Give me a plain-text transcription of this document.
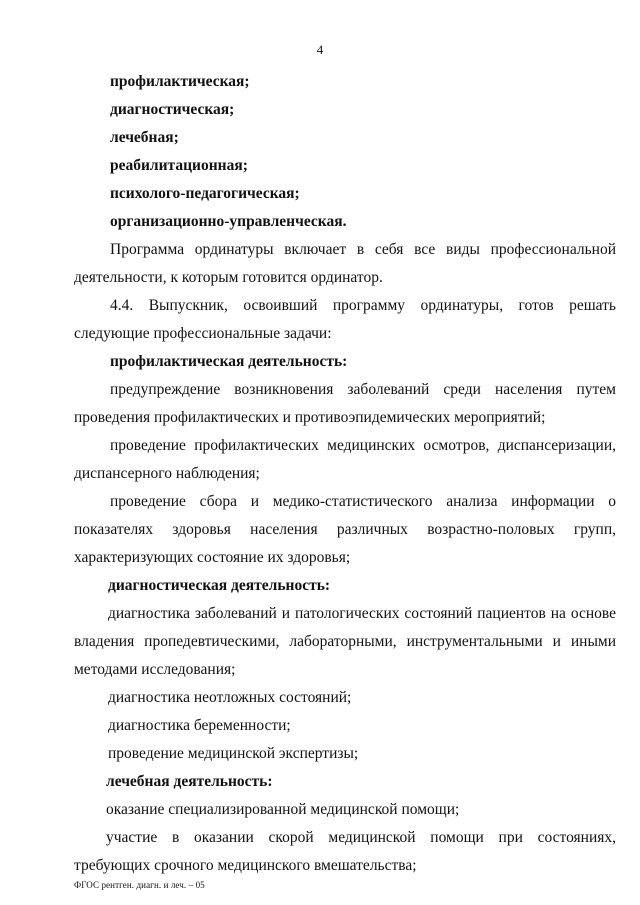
4

профилактическая;

диагностическая;

лечебная;

реабилитационная;

психолого-педагогическая;

организационно-управленческая.

Программа ординатуры включает в себя все виды профессиональной деятельности, к которым готовится ординатор.

4.4. Выпускник, освоивший программу ординатуры, готов решать следующие профессиональные задачи:

профилактическая деятельность:

предупреждение возникновения заболеваний среди населения путем проведения профилактических и противоэпидемических мероприятий;

проведение профилактических медицинских осмотров, диспансеризации, диспансерного наблюдения;

проведение сбора и медико-статистического анализа информации о показателях здоровья населения различных возрастно-половых групп, характеризующих состояние их здоровья;

диагностическая деятельность:

диагностика заболеваний и патологических состояний пациентов на основе владения пропедевтическими, лабораторными, инструментальными и иными методами исследования;

диагностика неотложных состояний;

диагностика беременности;

проведение медицинской экспертизы;

лечебная деятельность:

оказание специализированной медицинской помощи;

участие в оказании скорой медицинской помощи при состояниях, требующих срочного медицинского вмешательства;

ФГОС рентген. диагн. и леч. – 05
